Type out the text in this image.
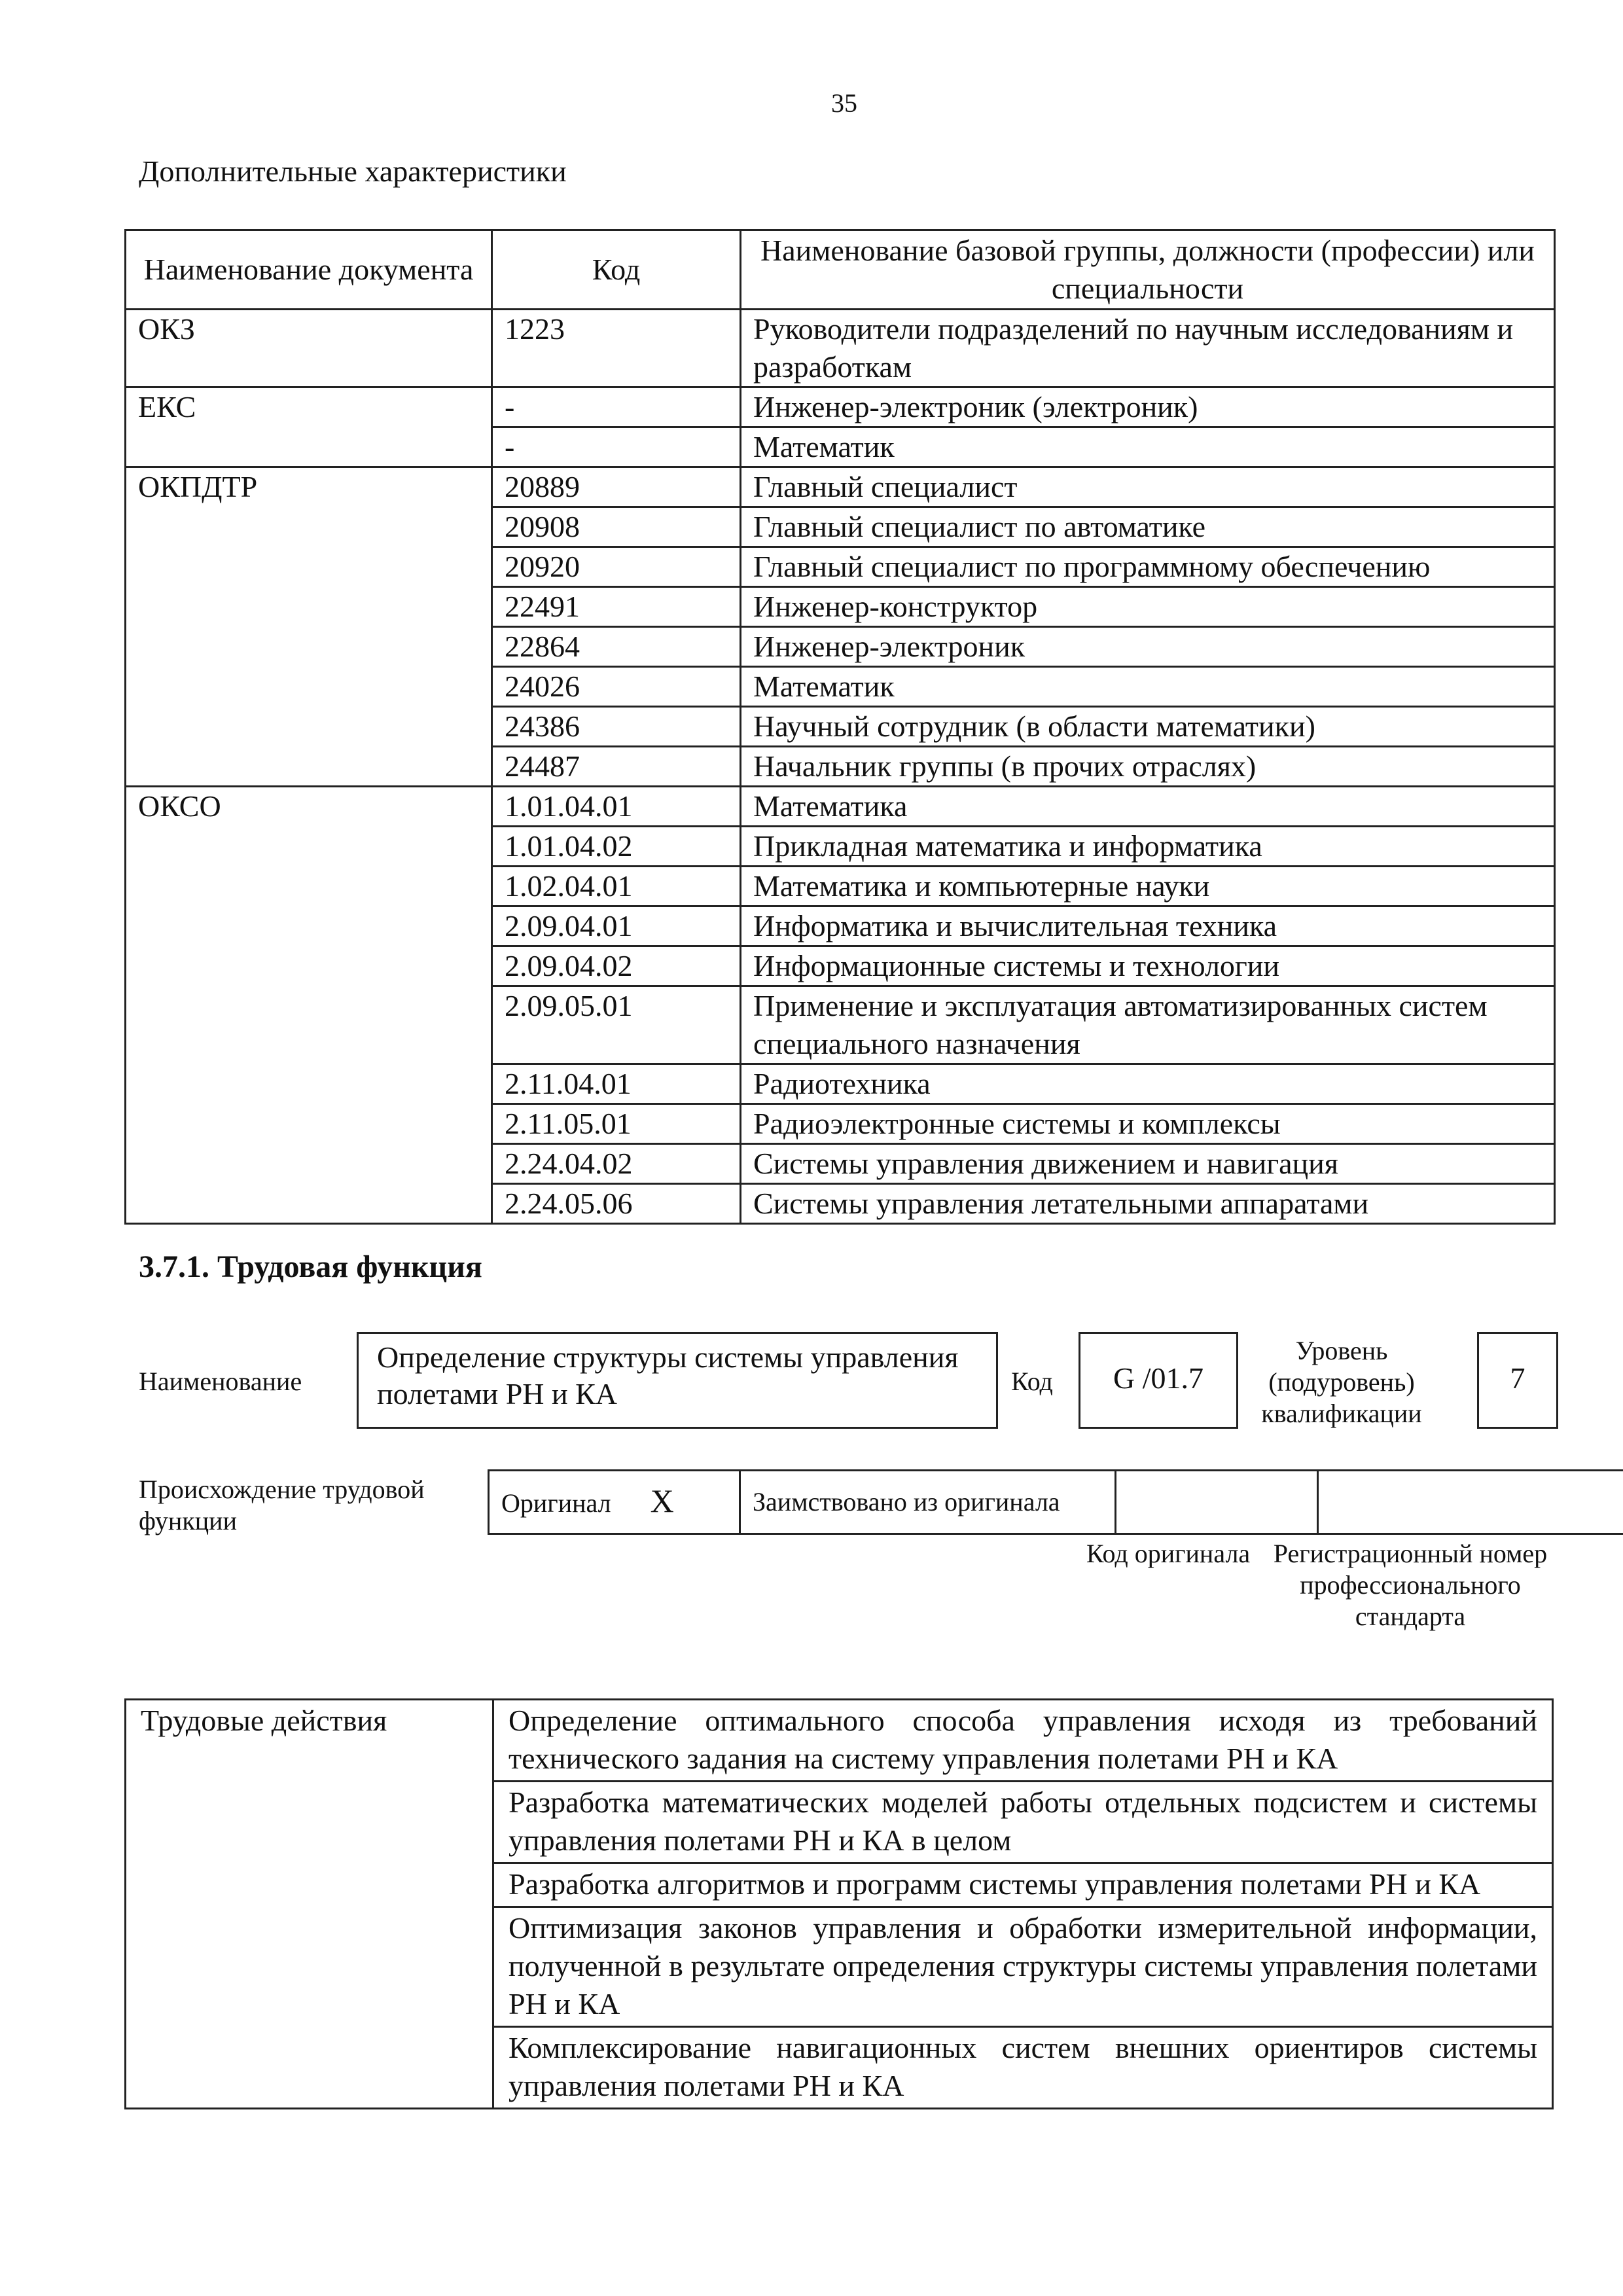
35
Дополнительные характеристики
Наименование документа	Код	Наименование базовой группы, должности (профессии) или специальности
ОКЗ	1223	Руководители подразделений по научным исследованиям и разработкам
ЕКС	-	Инженер-электроник (электроник)
	-	Математик
ОКПДТР	20889	Главный специалист
	20908	Главный специалист по автоматике
	20920	Главный специалист по программному обеспечению
	22491	Инженер-конструктор
	22864	Инженер-электроник
	24026	Математик
	24386	Научный сотрудник (в области математики)
	24487	Начальник группы (в прочих отраслях)
ОКСО	1.01.04.01	Математика
	1.01.04.02	Прикладная математика и информатика
	1.02.04.01	Математика и компьютерные науки
	2.09.04.01	Информатика и вычислительная техника
	2.09.04.02	Информационные системы и технологии
	2.09.05.01	Применение и эксплуатация автоматизированных систем специального назначения
	2.11.04.01	Радиотехника
	2.11.05.01	Радиоэлектронные системы и комплексы
	2.24.04.02	Системы управления движением и навигация
	2.24.05.06	Системы управления летательными аппаратами
3.7.1. Трудовая функция
Наименование
Определение структуры системы управления полетами РН и КА	Код	G /01.7
Уровень (подуровень) квалификации
7
Происхождение трудовой функции
Оригинал X	Заимствовано из оригинала		
Код оригинала Регистрационный номер профессионального стандарта
Трудовые действия	Определение оптимального способа управления исходя из требований технического задания на систему управления полетами РН и КА
	Разработка математических моделей работы отдельных подсистем и системы управления полетами РН и КА в целом
	Разработка алгоритмов и программ системы управления полетами РН и КА
	Оптимизация законов управления и обработки измерительной информации, полученной в результате определения структуры системы управления полетами РН и КА
	Комплексирование навигационных систем внешних ориентиров системы управления полетами РН и КА
